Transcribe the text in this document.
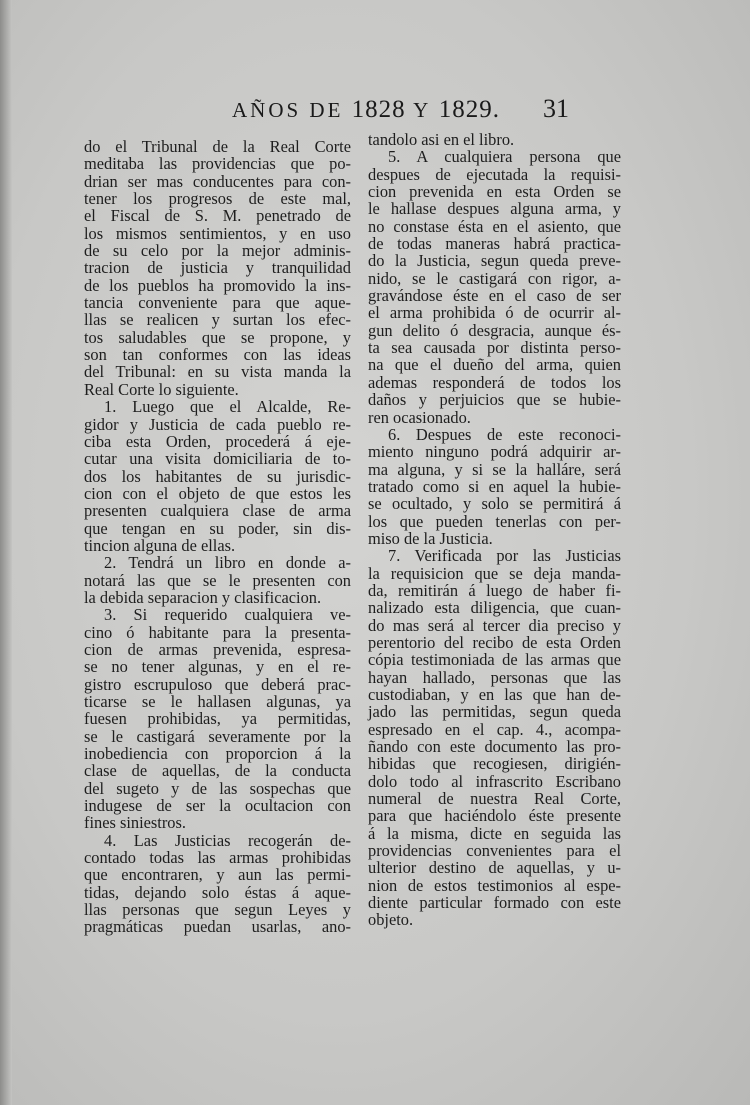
AÑOS DE 1828 Y 1829. 31
do el Tribunal de la Real Corte
meditaba las providencias que po-
drian ser mas conducentes para con-
tener los progresos de este mal,
el Fiscal de S. M. penetrado de
los mismos sentimientos, y en uso
de su celo por la mejor adminis-
tracion de justicia y tranquilidad
de los pueblos ha promovido la ins-
tancia conveniente para que aque-
llas se realicen y surtan los efec-
tos saludables que se propone, y
son tan conformes con las ideas
del Tribunal: en su vista manda la
Real Corte lo siguiente.
1. Luego que el Alcalde, Re-
gidor y Justicia de cada pueblo re-
ciba esta Orden, procederá á eje-
cutar una visita domiciliaria de to-
dos los habitantes de su jurisdic-
cion con el objeto de que estos les
presenten cualquiera clase de arma
que tengan en su poder, sin dis-
tincion alguna de ellas.
2. Tendrá un libro en donde a-
notará las que se le presenten con
la debida separacion y clasificacion.
3. Si requerido cualquiera ve-
cino ó habitante para la presenta-
cion de armas prevenida, espresa-
se no tener algunas, y en el re-
gistro escrupuloso que deberá prac-
ticarse se le hallasen algunas, ya
fuesen prohibidas, ya permitidas,
se le castigará severamente por la
inobediencia con proporcion á la
clase de aquellas, de la conducta
del sugeto y de las sospechas que
indugese de ser la ocultacion con
fines siniestros.
4. Las Justicias recogerán de-
contado todas las armas prohibidas
que encontraren, y aun las permi-
tidas, dejando solo éstas á aque-
llas personas que segun Leyes y
pragmáticas puedan usarlas, ano-
tandolo asi en el libro.
5. A cualquiera persona que
despues de ejecutada la requisi-
cion prevenida en esta Orden se
le hallase despues alguna arma, y
no constase ésta en el asiento, que
de todas maneras habrá practica-
do la Justicia, segun queda preve-
nido, se le castigará con rigor, a-
gravándose éste en el caso de ser
el arma prohibida ó de ocurrir al-
gun delito ó desgracia, aunque és-
ta sea causada por distinta perso-
na que el dueño del arma, quien
ademas responderá de todos los
daños y perjuicios que se hubie-
ren ocasionado.
6. Despues de este reconoci-
miento ninguno podrá adquirir ar-
ma alguna, y si se la halláre, será
tratado como si en aquel la hubie-
se ocultado, y solo se permitirá á
los que pueden tenerlas con per-
miso de la Justicia.
7. Verificada por las Justicias
la requisicion que se deja manda-
da, remitirán á luego de haber fi-
nalizado esta diligencia, que cuan-
do mas será al tercer dia preciso y
perentorio del recibo de esta Orden
cópia testimoniada de las armas que
hayan hallado, personas que las
custodiaban, y en las que han de-
jado las permitidas, segun queda
espresado en el cap. 4., acompa-
ñando con este documento las pro-
hibidas que recogiesen, dirigién-
dolo todo al infrascrito Escribano
numeral de nuestra Real Corte,
para que haciéndolo éste presente
á la misma, dicte en seguida las
providencias convenientes para el
ulterior destino de aquellas, y u-
nion de estos testimonios al espe-
diente particular formado con este
objeto.
